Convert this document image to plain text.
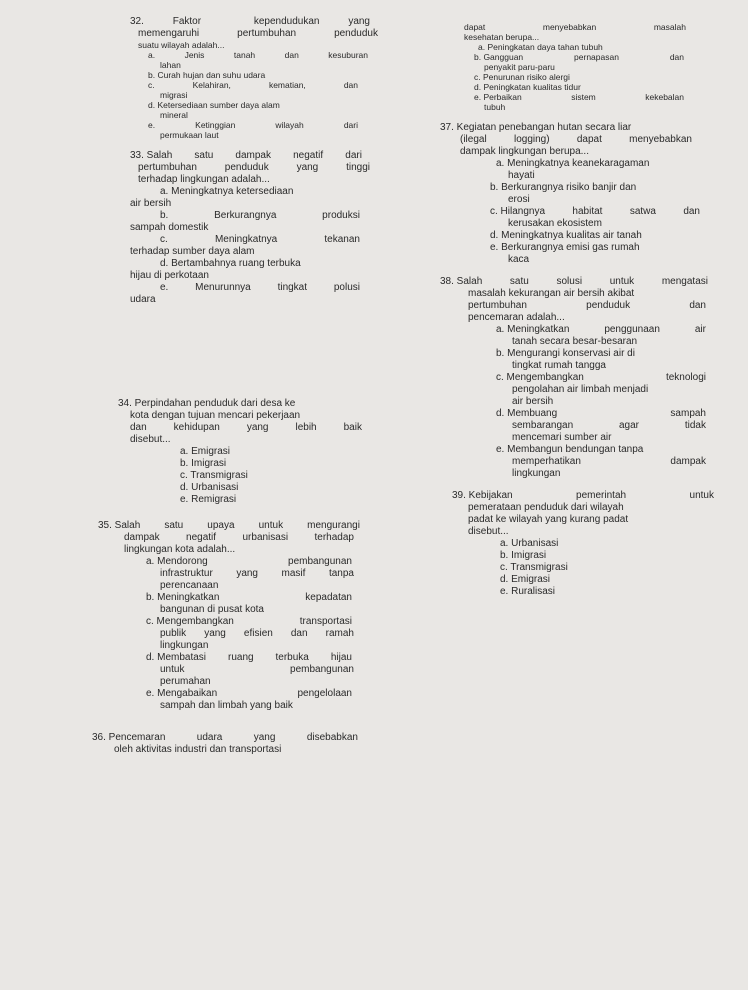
32.	Faktor	kependudukan	yang
memengaruhi	pertumbuhan	penduduk
suatu wilayah adalah...
a.	Jenis	tanah	dan	kesuburan
lahan
b. Curah hujan dan suhu udara
c.	Kelahiran,	kematian,	dan
migrasi
d. Ketersediaan sumber daya alam
mineral
e.	Ketinggian	wilayah	dari
permukaan laut
33. Salah satu dampak negatif dari
pertumbuhan	penduduk	yang	tinggi
terhadap lingkungan adalah...
a. Meningkatnya ketersediaan
air bersih
b.	Berkurangnya	produksi
sampah domestik
c.	Meningkatnya	tekanan
terhadap sumber daya alam
d. Bertambahnya ruang terbuka
hijau di perkotaan
e.	Menurunnya	tingkat	polusi
udara
34. Perpindahan penduduk dari desa ke
kota dengan tujuan mencari pekerjaan
dan	kehidupan	yang	lebih	baik
disebut...
a. Emigrasi
b. Imigrasi
c. Transmigrasi
d. Urbanisasi
e. Remigrasi
35. Salah satu upaya untuk mengurangi
dampak	negatif	urbanisasi	terhadap
lingkungan kota adalah...
a. Mendorong	pembangunan
infrastruktur yang masif tanpa
perencanaan
b. Meningkatkan	kepadatan
bangunan di pusat kota
c. Mengembangkan	transportasi
publik yang efisien dan ramah
lingkungan
d. Membatasi ruang terbuka hijau
untuk	pembangunan
perumahan
e. Mengabaikan	pengelolaan
sampah dan limbah yang baik
36. Pencemaran	udara	yang	disebabkan
oleh aktivitas industri dan transportasi
dapat	menyebabkan	masalah
kesehatan berupa...
a. Peningkatan daya tahan tubuh
b. Gangguan	pernapasan	dan
penyakit paru-paru
c. Penurunan risiko alergi
d. Peningkatan kualitas tidur
e. Perbaikan	sistem	kekebalan
tubuh
37. Kegiatan penebangan hutan secara liar
(ilegal	logging)	dapat	menyebabkan
dampak lingkungan berupa...
a. Meningkatnya keanekaragaman
hayati
b. Berkurangnya risiko banjir dan
erosi
c. Hilangnya	habitat	satwa	dan
kerusakan ekosistem
d. Meningkatnya kualitas air tanah
e. Berkurangnya emisi gas rumah
kaca
38. Salah	satu	solusi	untuk	mengatasi
masalah kekurangan air bersih akibat
pertumbuhan	penduduk	dan
pencemaran adalah...
a. Meningkatkan	penggunaan	air
tanah secara besar-besaran
b. Mengurangi konservasi air di
tingkat rumah tangga
c. Mengembangkan	teknologi
pengolahan air limbah menjadi
air bersih
d. Membuang	sampah
sembarangan	agar	tidak
mencemari sumber air
e. Membangun bendungan tanpa
memperhatikan	dampak
lingkungan
39. Kebijakan	pemerintah	untuk
pemerataan penduduk dari wilayah
padat ke wilayah yang kurang padat
disebut...
a. Urbanisasi
b. Imigrasi
c. Transmigrasi
d. Emigrasi
e. Ruralisasi
